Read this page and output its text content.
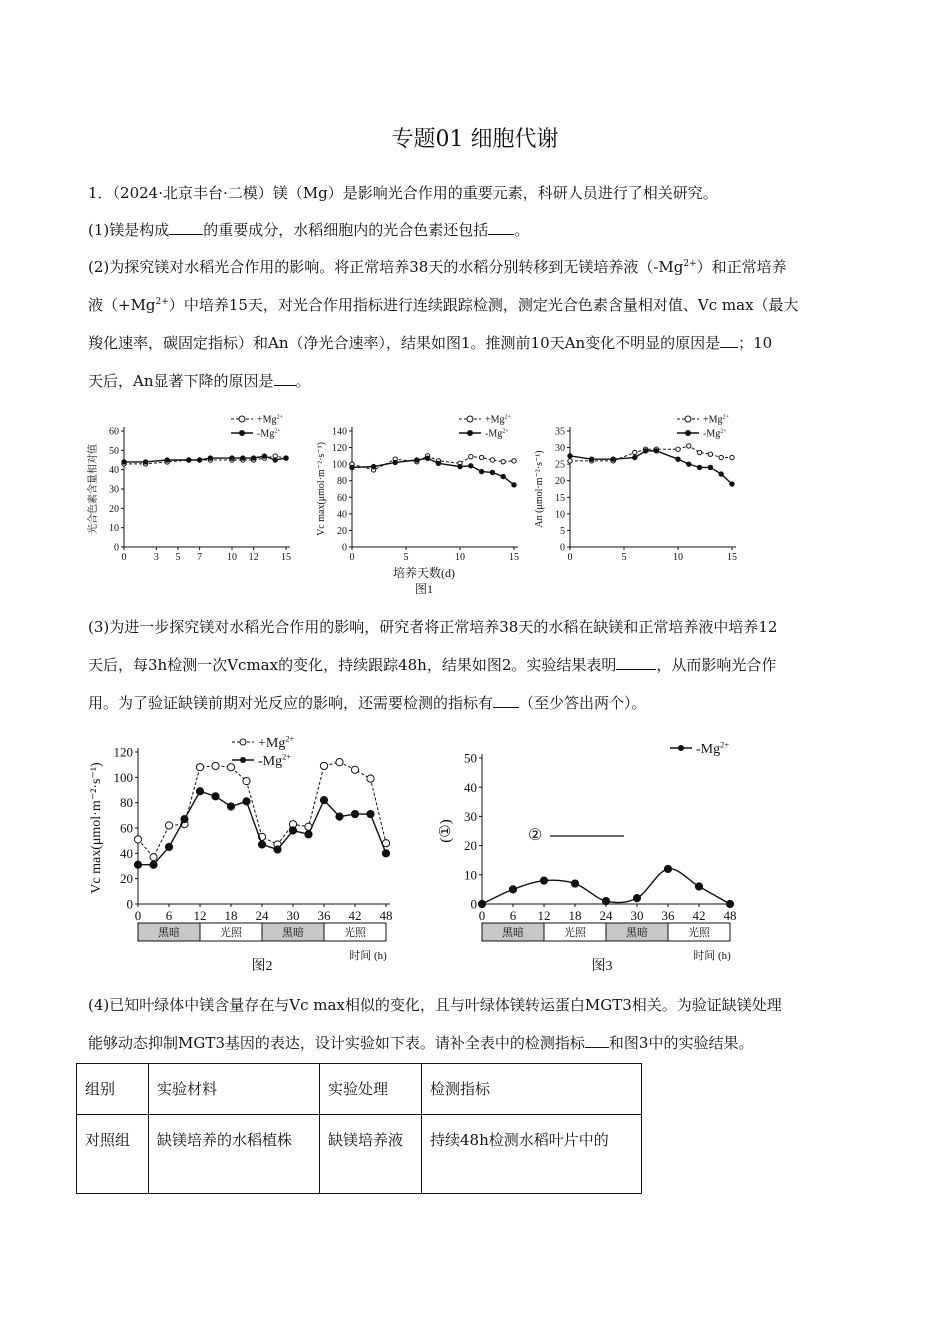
专题01 细胞代谢
1．（2024·北京丰台·二模）镁（Mg）是影响光合作用的重要元素，科研人员进行了相关研究。
(1)镁是构成 的重要成分，水稻细胞内的光合色素还包括 。
(2)为探究镁对水稻光合作用的影响。将正常培养38天的水稻分别转移到无镁培养液$(-Mg^{2+})$和正常培养
液$(+Mg^{2+})$中培养15天，对光合作用指标进行连续跟踪检测，测定光合色素含量相对值、Vc max（最大
羧化速率，碳固定指标）和An（净光合速率），结果如图1。推测前10天An变化不明显的原因是 ；10
天后，An显著下降的原因是 。
0
10
20
30
40
50
60
0	3 5 7 10 12 15
光合色素含量相对值
$+Mg^{2+}$
$-Mg^{2+}$
0
20
40
60
80
100
120
140
0	5	10	15
Vc max(μmol·m⁻²·s⁻¹)
$+Mg^{2+}$
$-Mg^{2+}$
0
5
10
15
20
25
30
35
0	5	10	15
An (μmol·m⁻²·s⁻¹)
$+Mg^{2+}$
$-Mg^{2+}$
培养天数(d)
图1
(3)为进一步探究镁对水稻光合作用的影响，研究者将正常培养38天的水稻在缺镁和正常培养液中培养12
天后，每3h检测一次Vcmax的变化，持续跟踪48h，结果如图2。实验结果表明	，从而影响光合作
用。为了验证缺镁前期对光反应的影响，还需要检测的指标有 （至少答出两个）。
0
20
40
60
80
100
120
0 6 12 18 24 30 36 42 48
Vc max(μmol·m⁻²·s⁻¹)
$+Mg^{2+}$
$-Mg^{2+}$
黑暗	光照	黑暗	光照
时间 (h)
图2
0
10
20
30
40
50
0 6 12 18 24 30 36 42 48
(①)
$-Mg^{2+}$
②
黑暗	光照	黑暗	光照
时间 (h)
图3
(4)已知叶绿体中镁含量存在与Vc max相似的变化，且与叶绿体镁转运蛋白MGT3相关。为验证缺镁处理
能够动态抑制MGT3基因的表达，设计实验如下表。请补全表中的检测指标 和图3中的实验结果。
组别	实验材料	实验处理	检测指标
对照组	缺镁培养的水稻植株	缺镁培养液	持续48h检测水稻叶片中的
